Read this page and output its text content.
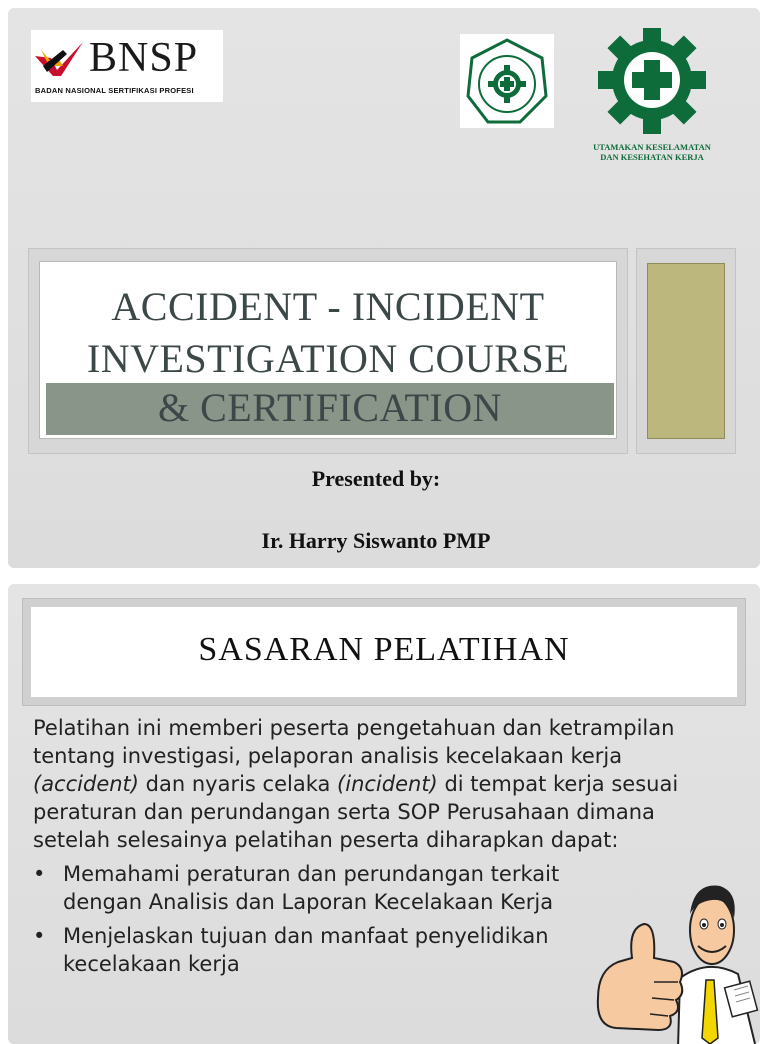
BNSP
BADAN NASIONAL SERTIFIKASI PROFESI
UTAMAKAN KESELAMATAN
DAN KESEHATAN KERJA
ACCIDENT - INCIDENT
INVESTIGATION COURSE
& CERTIFICATION
Presented by:
Ir. Harry Siswanto PMP
SASARAN PELATIHAN

Pelatihan ini memberi peserta pengetahuan dan ketrampilan tentang investigasi, pelaporan analisis kecelakaan kerja (accident) dan nyaris celaka (incident) di tempat kerja sesuai peraturan dan perundangan serta SOP Perusahaan dimana setelah selesainya pelatihan peserta diharapkan dapat:

• Memahami peraturan dan perundangan terkait dengan Analisis dan Laporan Kecelakaan Kerja
• Menjelaskan tujuan dan manfaat penyelidikan kecelakaan kerja
